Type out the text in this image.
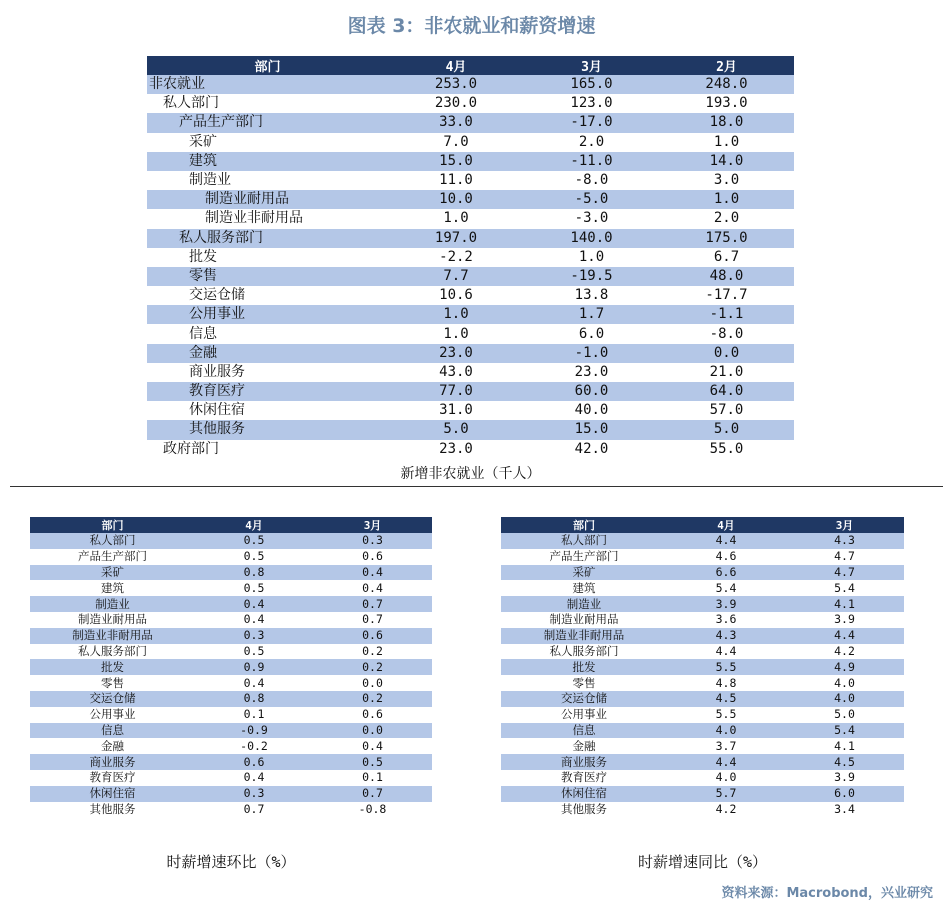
图表 3：非农就业和薪资增速
部门	4月	3月	2月
非农就业	253.0	165.0	248.0
私人部门	230.0	123.0	193.0
产品生产部门	33.0	-17.0	18.0
采矿	7.0	2.0	1.0
建筑	15.0	-11.0	14.0
制造业	11.0	-8.0	3.0
制造业耐用品	10.0	-5.0	1.0
制造业非耐用品	1.0	-3.0	2.0
私人服务部门	197.0	140.0	175.0
批发	-2.2	1.0	6.7
零售	7.7	-19.5	48.0
交运仓储	10.6	13.8	-17.7
公用事业	1.0	1.7	-1.1
信息	1.0	6.0	-8.0
金融	23.0	-1.0	0.0
商业服务	43.0	23.0	21.0
教育医疗	77.0	60.0	64.0
休闲住宿	31.0	40.0	57.0
其他服务	5.0	15.0	5.0
政府部门	23.0	42.0	55.0
新增非农就业（千人）
部门	4月	3月
私人部门	0.5	0.3
产品生产部门	0.5	0.6
采矿	0.8	0.4
建筑	0.5	0.4
制造业	0.4	0.7
制造业耐用品	0.4	0.7
制造业非耐用品	0.3	0.6
私人服务部门	0.5	0.2
批发	0.9	0.2
零售	0.4	0.0
交运仓储	0.8	0.2
公用事业	0.1	0.6
信息	-0.9	0.0
金融	-0.2	0.4
商业服务	0.6	0.5
教育医疗	0.4	0.1
休闲住宿	0.3	0.7
其他服务	0.7	-0.8
时薪增速环比（%）
部门	4月	3月
私人部门	4.4	4.3
产品生产部门	4.6	4.7
采矿	6.6	4.7
建筑	5.4	5.4
制造业	3.9	4.1
制造业耐用品	3.6	3.9
制造业非耐用品	4.3	4.4
私人服务部门	4.4	4.2
批发	5.5	4.9
零售	4.8	4.0
交运仓储	4.5	4.0
公用事业	5.5	5.0
信息	4.0	5.4
金融	3.7	4.1
商业服务	4.4	4.5
教育医疗	4.0	3.9
休闲住宿	5.7	6.0
其他服务	4.2	3.4
时薪增速同比（%）
资料来源：Macrobond，兴业研究
